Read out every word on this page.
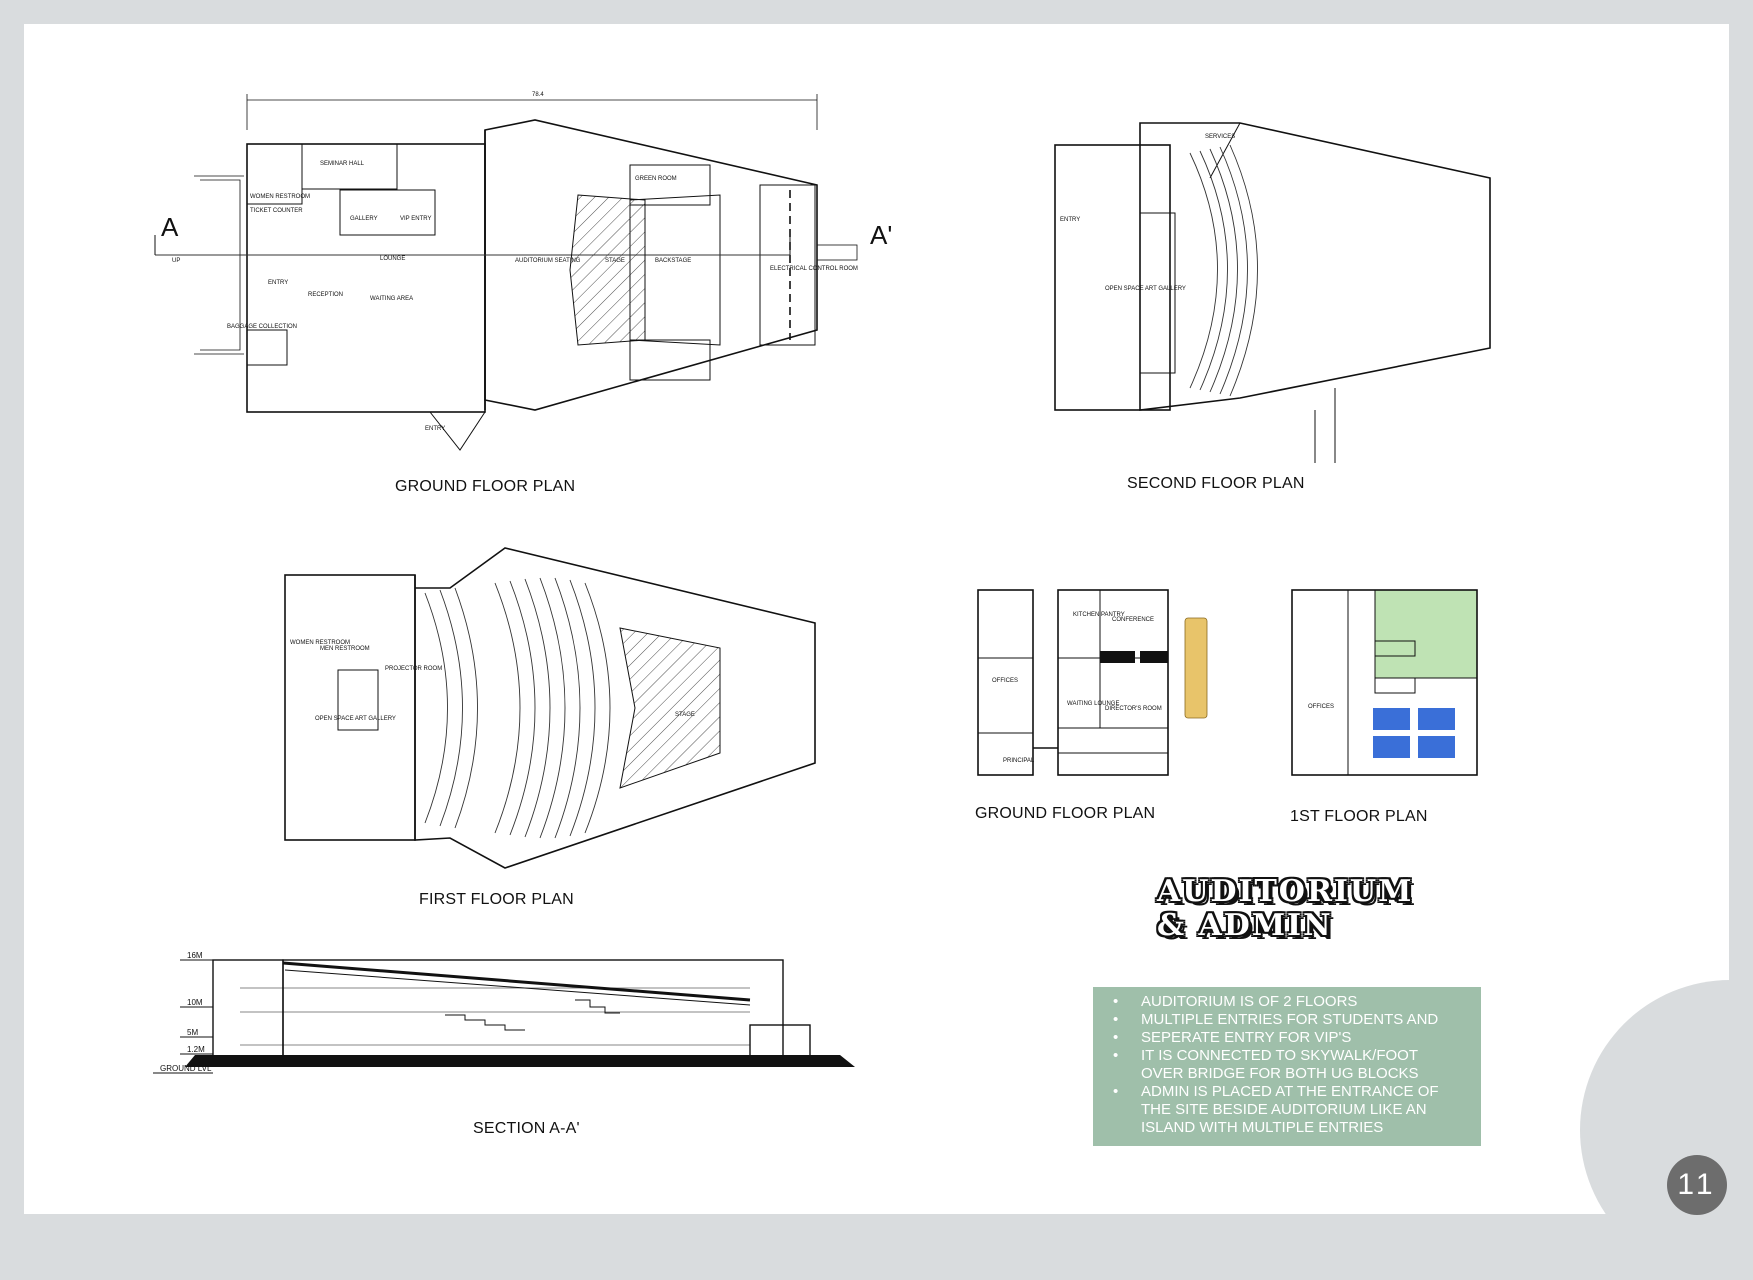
78.4
SEMINAR HALL
WOMEN RESTROOM
TICKET COUNTER
GALLERY	VIP ENTRY
LOUNGE
ENTRY
RECEPTION
WAITING AREA
BAGGAGE COLLECTION
AUDITORIUM SEATING	STAGE	BACKSTAGE
GREEN ROOM
ELECTRICAL CONTROL ROOM
UP
ENTRY
A	A'
GROUND FLOOR PLAN
SERVICES
ENTRY
OPEN SPACE ART GALLERY
SECOND FLOOR PLAN
WOMEN RESTROOM
MEN RESTROOM
PROJECTOR ROOM
OPEN SPACE ART GALLERY
STAGE
FIRST FLOOR PLAN
16M
10M
5M
1.2M
GROUND LVL
SECTION A-A'
KITCHEN PANTRY
CONFERENCE
OFFICES
WAITING LOUNGE
DIRECTOR'S ROOM
PRINCIPAL
GROUND FLOOR PLAN
OFFICES
1ST FLOOR PLAN
AUDITORIUM
& ADMIN
• AUDITORIUM IS OF 2 FLOORS
• MULTIPLE ENTRIES FOR STUDENTS AND
• SEPERATE ENTRY FOR VIP'S
• IT IS CONNECTED TO SKYWALK/FOOT
OVER BRIDGE FOR BOTH UG BLOCKS
• ADMIN IS PLACED AT THE ENTRANCE OF
THE SITE BESIDE AUDITORIUM LIKE AN
ISLAND WITH MULTIPLE ENTRIES
11
